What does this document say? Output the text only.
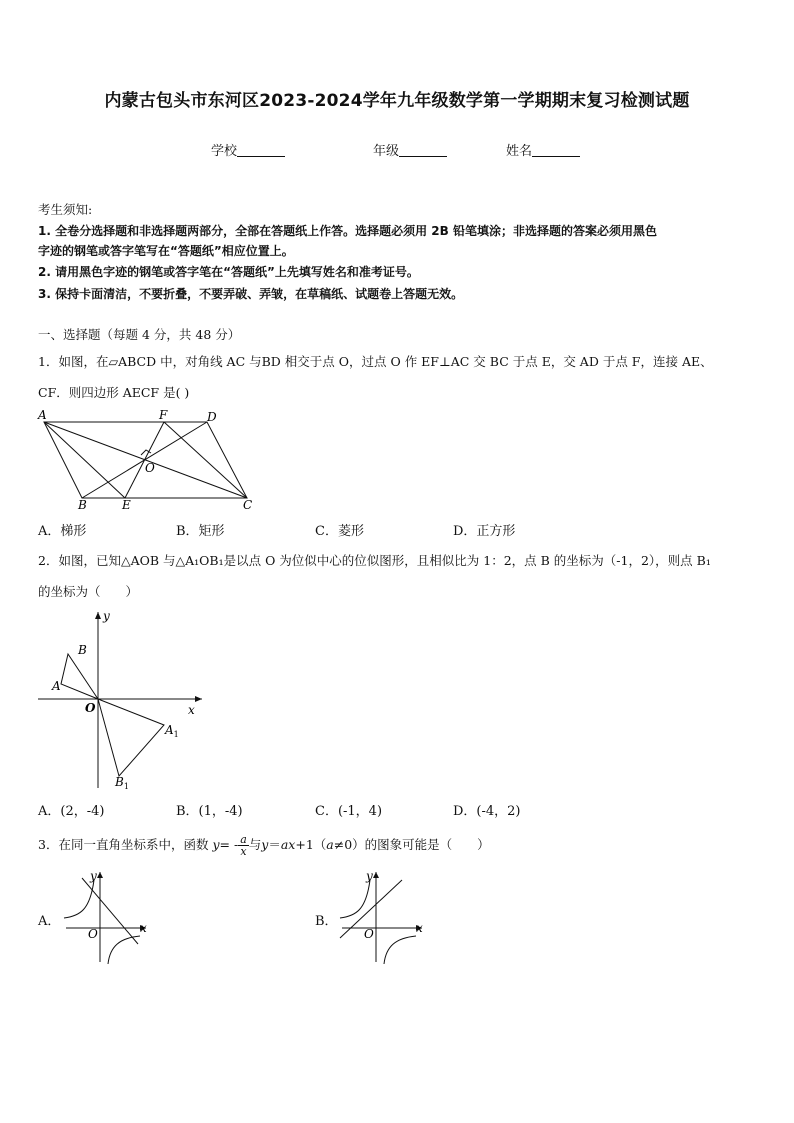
内蒙古包头市东河区2023-2024学年九年级数学第一学期期末复习检测试题
学校	年级	姓名
考生须知:
1. 全卷分选择题和非选择题两部分，全部在答题纸上作答。选择题必须用 2B 铅笔填涂；非选择题的答案必须用黑色
字迹的钢笔或答字笔写在“答题纸”相应位置上。
2. 请用黑色字迹的钢笔或答字笔在“答题纸”上先填写姓名和准考证号。
3. 保持卡面清洁，不要折叠，不要弄破、弄皱，在草稿纸、试题卷上答题无效。
一、选择题（每题 4 分，共 48 分）
1．如图，在▱ABCD 中，对角线 AC 与BD 相交于点 O，过点 O 作 EF⊥AC 交 BC 于点 E，交 AD 于点 F，连接 AE、
CF．则四边形 AECF 是( )
A	F	D
O
B	E	C
A．梯形	B．矩形	C．菱形	D．正方形
2．如图，已知△AOB 与△A₁OB₁是以点 O 为位似中心的位似图形，且相似比为 1：2，点 B 的坐标为（-1，2），则点 B₁
的坐标为（　　）
y
x
B
A
O
$A_1$
$B_1$
A．(2，-4)	B．(1，-4)	C．(-1，4)	D．(-4，2)
3．在同一直角坐标系中，函数 $y= - \frac{a}{x}$ 与y＝ax+1（a≠0）的图象可能是（　　）
A．
y
x
O
B．
y
x
O
